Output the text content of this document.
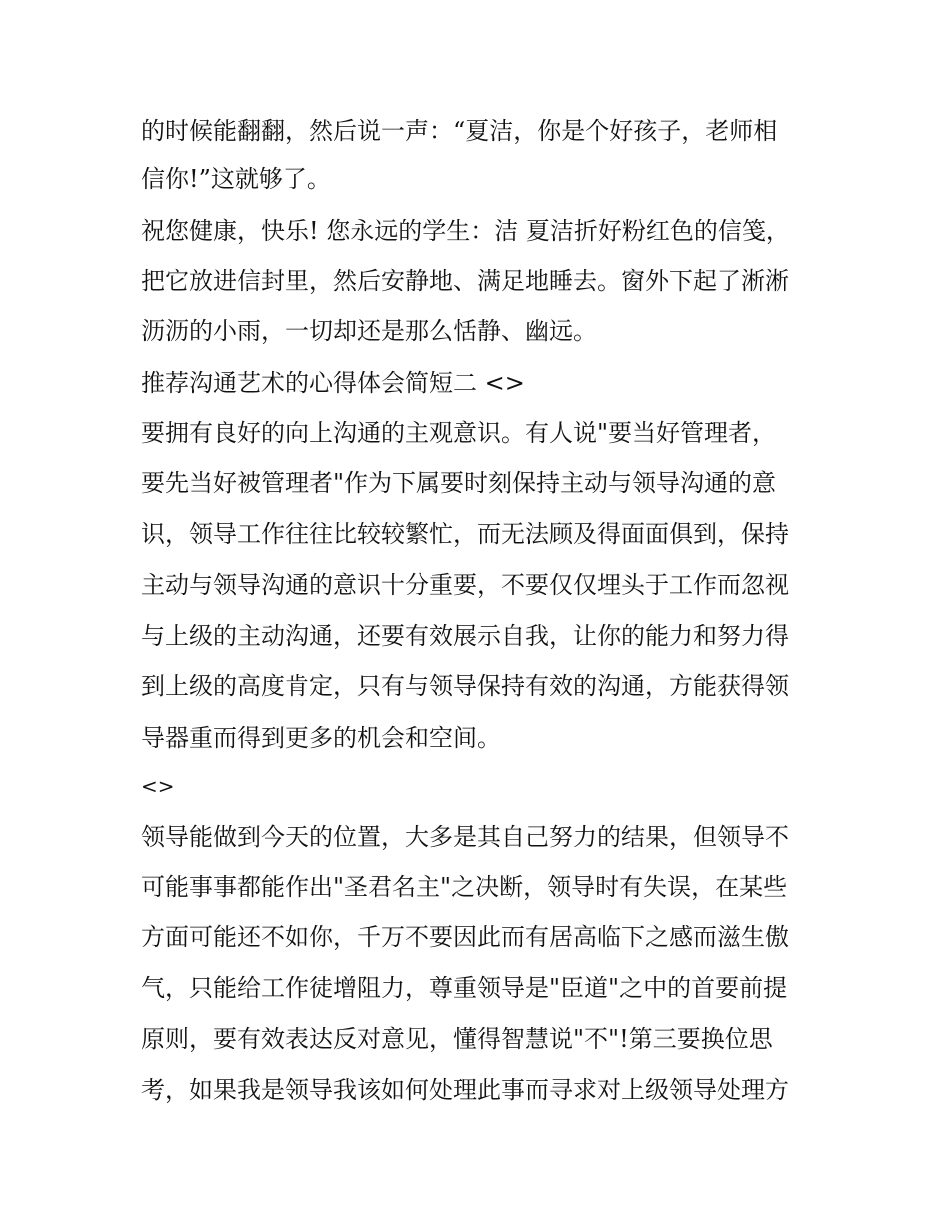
的时候能翻翻，然后说一声：“夏洁，你是个好孩子，老师相
信你!”这就够了。
祝您健康，快乐! 您永远的学生：洁 夏洁折好粉红色的信笺，
把它放进信封里，然后安静地、满足地睡去。窗外下起了淅淅
沥沥的小雨，一切却还是那么恬静、幽远。
推荐沟通艺术的心得体会简短二 <>
要拥有良好的向上沟通的主观意识。有人说"要当好管理者，
要先当好被管理者"作为下属要时刻保持主动与领导沟通的意
识，领导工作往往比较较繁忙，而无法顾及得面面俱到，保持
主动与领导沟通的意识十分重要，不要仅仅埋头于工作而忽视
与上级的主动沟通，还要有效展示自我，让你的能力和努力得
到上级的高度肯定，只有与领导保持有效的沟通，方能获得领
导器重而得到更多的机会和空间。
<>
领导能做到今天的位置，大多是其自己努力的结果，但领导不
可能事事都能作出"圣君名主"之决断，领导时有失误，在某些
方面可能还不如你，千万不要因此而有居高临下之感而滋生傲
气，只能给工作徒增阻力，尊重领导是"臣道"之中的首要前提
原则，要有效表达反对意见，懂得智慧说"不"!第三要换位思
考，如果我是领导我该如何处理此事而寻求对上级领导处理方
